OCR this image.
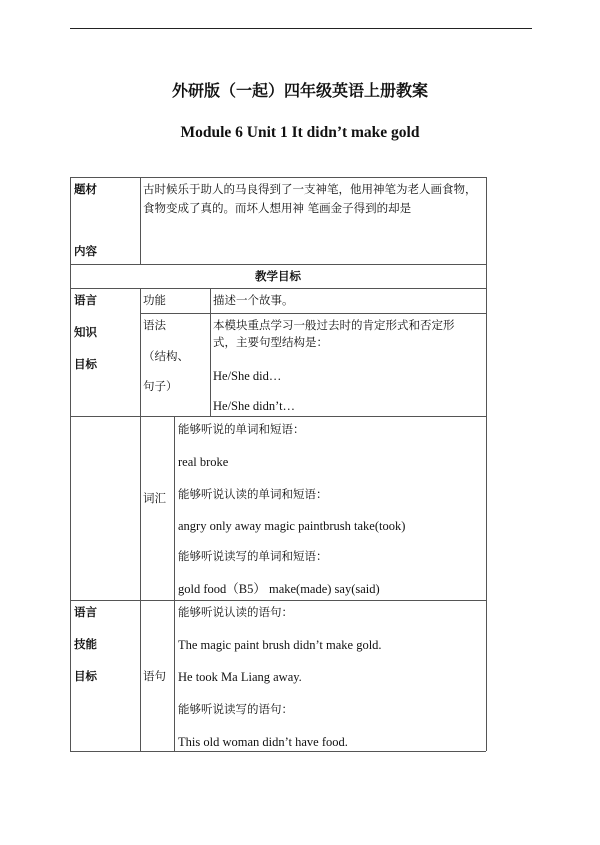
外研版（一起）四年级英语上册教案
Module 6 Unit 1 It didn’t make gold
题材
内容
古时候乐于助人的马良得到了一支神笔，他用神笔为老人画食物，
食物变成了真的。而坏人想用神 笔画金子得到的却是
教学目标
语言
知识
目标
功能	描述一个故事。
语法
（结构、
句子）
本模块重点学习一般过去时的肯定形式和否定形
式，主要句型结构是：
He/She did…
He/She didn’t…
词汇
能够听说的单词和短语：
real broke
能够听说认读的单词和短语：
angry only away magic paintbrush take(took)
能够听说读写的单词和短语：
gold food（B5） make(made) say(said)
语言
技能
目标	语句
能够听说认读的语句：
The magic paint brush didn’t make gold.
He took Ma Liang away.
能够听说读写的语句：
This old woman didn’t have food.
